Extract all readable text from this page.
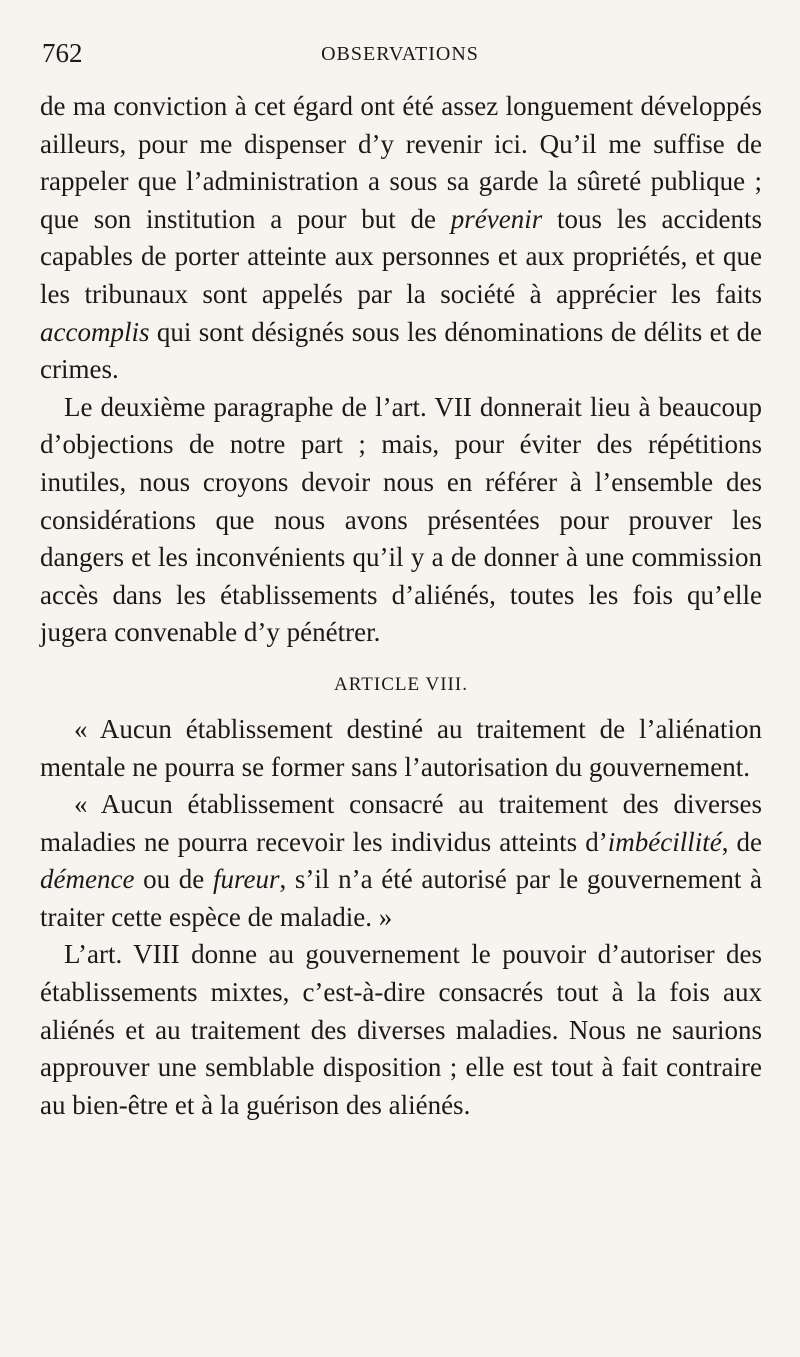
762	OBSERVATIONS

de ma conviction à cet égard ont été assez longuement développés ailleurs, pour me dispenser d’y revenir ici. Qu’il me suffise de rappeler que l’administration a sous sa garde la sûreté publique ; que son institution a pour but de prévenir tous les accidents capables de porter atteinte aux personnes et aux propriétés, et que les tribunaux sont appelés par la société à apprécier les faits accomplis qui sont désignés sous les dénominations de délits et de crimes.

Le deuxième paragraphe de l’art. VII donnerait lieu à beaucoup d’objections de notre part ; mais, pour éviter des répétitions inutiles, nous croyons devoir nous en référer à l’ensemble des considérations que nous avons présentées pour prouver les dangers et les inconvénients qu’il y a de donner à une commission accès dans les établissements d’aliénés, toutes les fois qu’elle jugera convenable d’y pénétrer.

ARTICLE VIII.

« Aucun établissement destiné au traitement de l’aliénation mentale ne pourra se former sans l’autorisation du gouvernement.

« Aucun établissement consacré au traitement des diverses maladies ne pourra recevoir les individus atteints d’imbécillité, de démence ou de fureur, s’il n’a été autorisé par le gouvernement à traiter cette espèce de maladie. »

L’art. VIII donne au gouvernement le pouvoir d’autoriser des établissements mixtes, c’est-à-dire consacrés tout à la fois aux aliénés et au traitement des diverses maladies. Nous ne saurions approuver une semblable disposition ; elle est tout à fait contraire au bien-être et à la guérison des aliénés.
